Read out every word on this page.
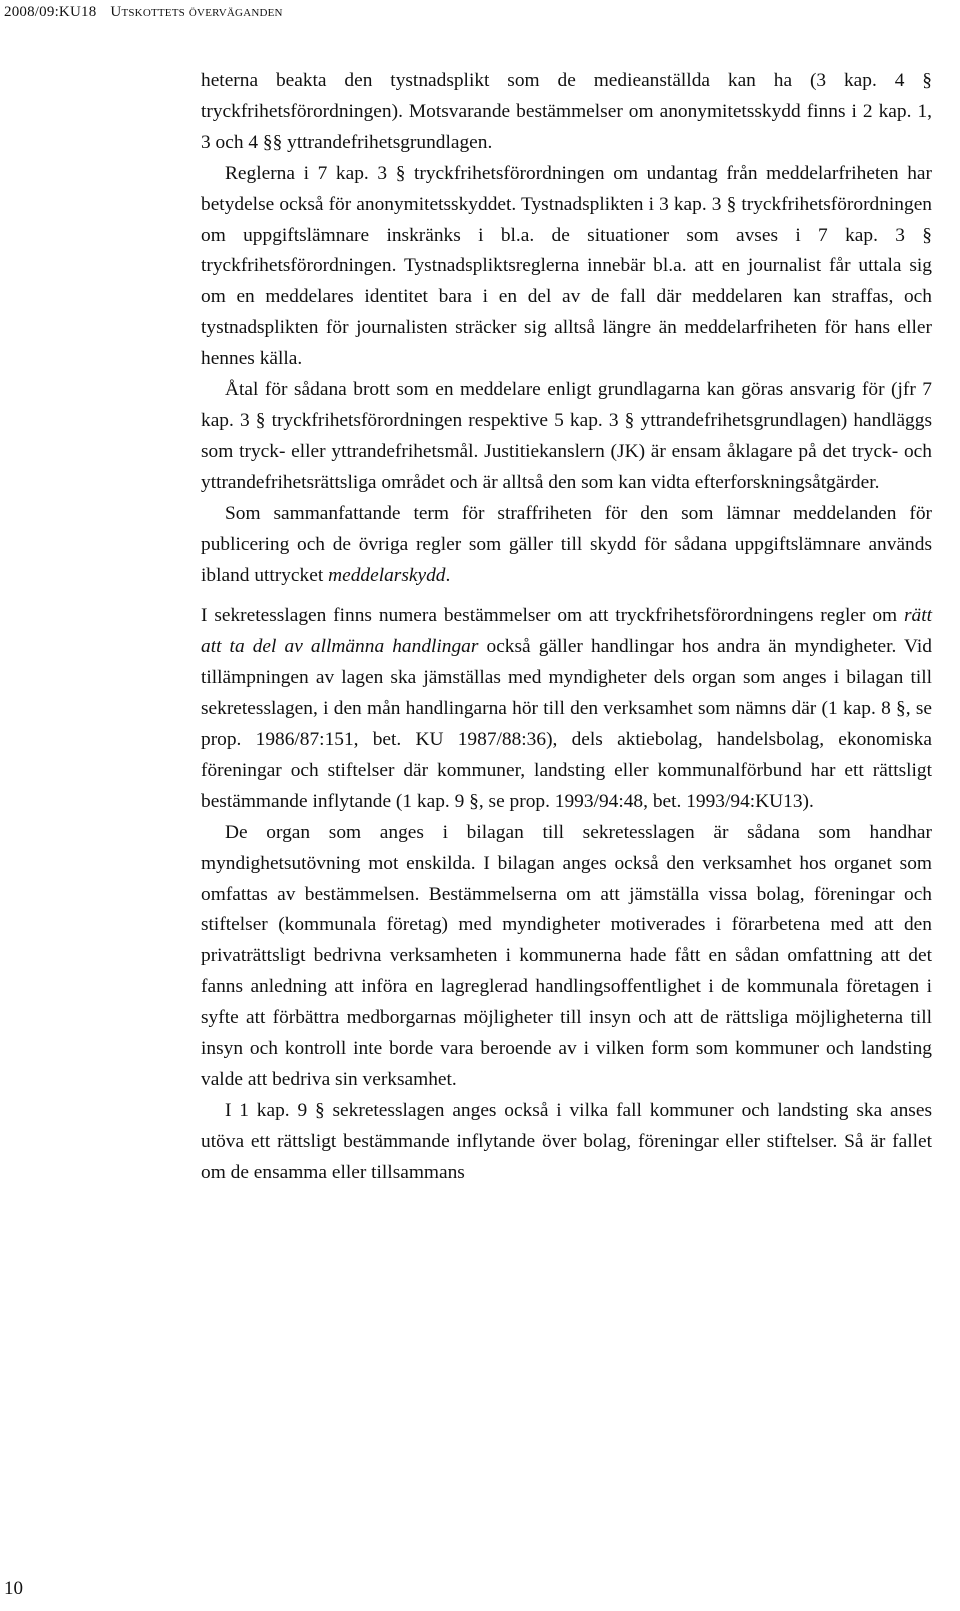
2008/09:KU18 Utskottets överväganden

heterna beakta den tystnadsplikt som de medieanställda kan ha (3 kap. 4 § tryckfrihetsförordningen). Motsvarande bestämmelser om anonymitetsskydd finns i 2 kap. 1, 3 och 4 §§ yttrandefrihetsgrundlagen.

Reglerna i 7 kap. 3 § tryckfrihetsförordningen om undantag från meddelarfriheten har betydelse också för anonymitetsskyddet. Tystnadsplikten i 3 kap. 3 § tryckfrihetsförordningen om uppgiftslämnare inskränks i bl.a. de situationer som avses i 7 kap. 3 § tryckfrihetsförordningen. Tystnadspliktsreglerna innebär bl.a. att en journalist får uttala sig om en meddelares identitet bara i en del av de fall där meddelaren kan straffas, och tystnadsplikten för journalisten sträcker sig alltså längre än meddelarfriheten för hans eller hennes källa.

Åtal för sådana brott som en meddelare enligt grundlagarna kan göras ansvarig för (jfr 7 kap. 3 § tryckfrihetsförordningen respektive 5 kap. 3 § yttrandefrihetsgrundlagen) handläggs som tryck- eller yttrandefrihetsmål. Justitiekanslern (JK) är ensam åklagare på det tryck- och yttrandefrihetsrättsliga området och är alltså den som kan vidta efterforskningsåtgärder.

Som sammanfattande term för straffriheten för den som lämnar meddelanden för publicering och de övriga regler som gäller till skydd för sådana uppgiftslämnare används ibland uttrycket meddelarskydd.

I sekretesslagen finns numera bestämmelser om att tryckfrihetsförordningens regler om rätt att ta del av allmänna handlingar också gäller handlingar hos andra än myndigheter. Vid tillämpningen av lagen ska jämställas med myndigheter dels organ som anges i bilagan till sekretesslagen, i den mån handlingarna hör till den verksamhet som nämns där (1 kap. 8 §, se prop. 1986/87:151, bet. KU 1987/88:36), dels aktiebolag, handelsbolag, ekonomiska föreningar och stiftelser där kommuner, landsting eller kommunalförbund har ett rättsligt bestämmande inflytande (1 kap. 9 §, se prop. 1993/94:48, bet. 1993/94:KU13).

De organ som anges i bilagan till sekretesslagen är sådana som handhar myndighetsutövning mot enskilda. I bilagan anges också den verksamhet hos organet som omfattas av bestämmelsen. Bestämmelserna om att jämställa vissa bolag, föreningar och stiftelser (kommunala företag) med myndigheter motiverades i förarbetena med att den privaträttsligt bedrivna verksamheten i kommunerna hade fått en sådan omfattning att det fanns anledning att införa en lagreglerad handlingsoffentlighet i de kommunala företagen i syfte att förbättra medborgarnas möjligheter till insyn och att de rättsliga möjligheterna till insyn och kontroll inte borde vara beroende av i vilken form som kommuner och landsting valde att bedriva sin verksamhet.

I 1 kap. 9 § sekretesslagen anges också i vilka fall kommuner och landsting ska anses utöva ett rättsligt bestämmande inflytande över bolag, föreningar eller stiftelser. Så är fallet om de ensamma eller tillsammans

10
